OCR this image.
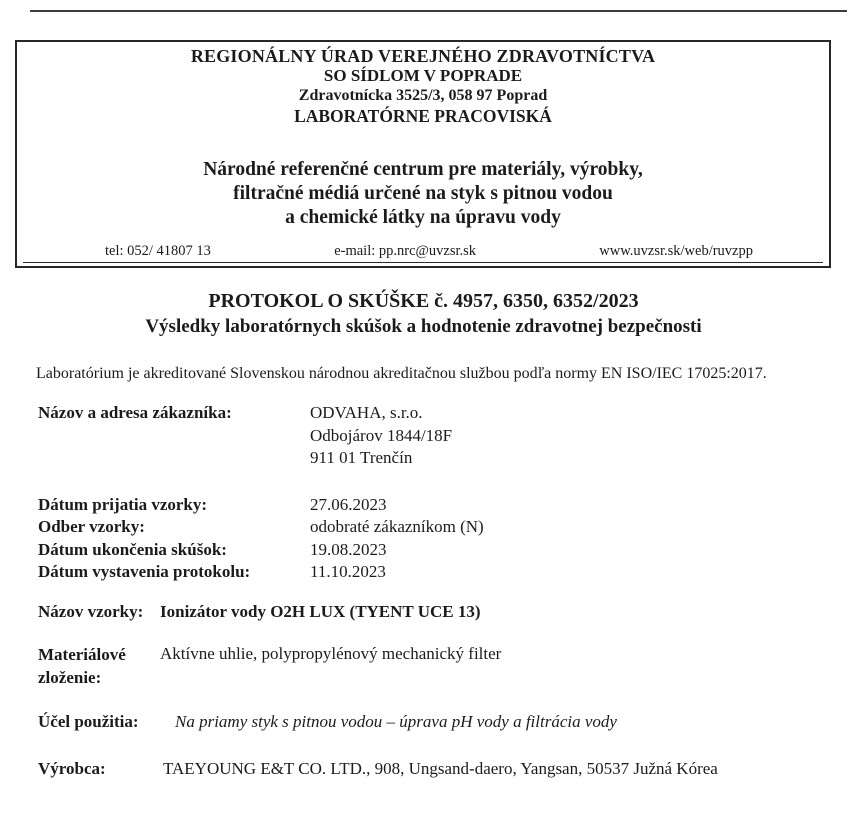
REGIONÁLNY ÚRAD VEREJNÉHO ZDRAVOTNÍCTVA
SO SÍDLOM V POPRADE
Zdravotnícka 3525/3, 058 97 Poprad
LABORATÓRNE PRACOVISKÁ
Národné referenčné centrum pre materiály, výrobky,
filtračné médiá určené na styk s pitnou vodou
a chemické látky na úpravu vody
tel: 052/ 41807 13	e-mail: pp.nrc@uvzsr.sk	www.uvzsr.sk/web/ruvzpp
PROTOKOL O SKÚŠKE č. 4957, 6350, 6352/2023
Výsledky laboratórnych skúšok a hodnotenie zdravotnej bezpečnosti
Laboratórium je akreditované Slovenskou národnou akreditačnou službou podľa normy EN ISO/IEC 17025:2017.
Názov a adresa zákazníka:	ODVAHA, s.r.o.
Odbojárov 1844/18F
911 01 Trenčín
Dátum prijatia vzorky:	27.06.2023
Odber vzorky:	odobraté zákazníkom (N)
Dátum ukončenia skúšok:	19.08.2023
Dátum vystavenia protokolu:	11.10.2023
Názov vzorky: Ionizátor vody O2H LUX (TYENT UCE 13)
Materiálové zloženie:
Aktívne uhlie, polypropylénový mechanický filter
Účel použitia:	Na priamy styk s pitnou vodou – úprava pH vody a filtrácia vody
Výrobca:	TAEYOUNG E&T CO. LTD., 908, Ungsand-daero, Yangsan, 50537 Južná Kórea
